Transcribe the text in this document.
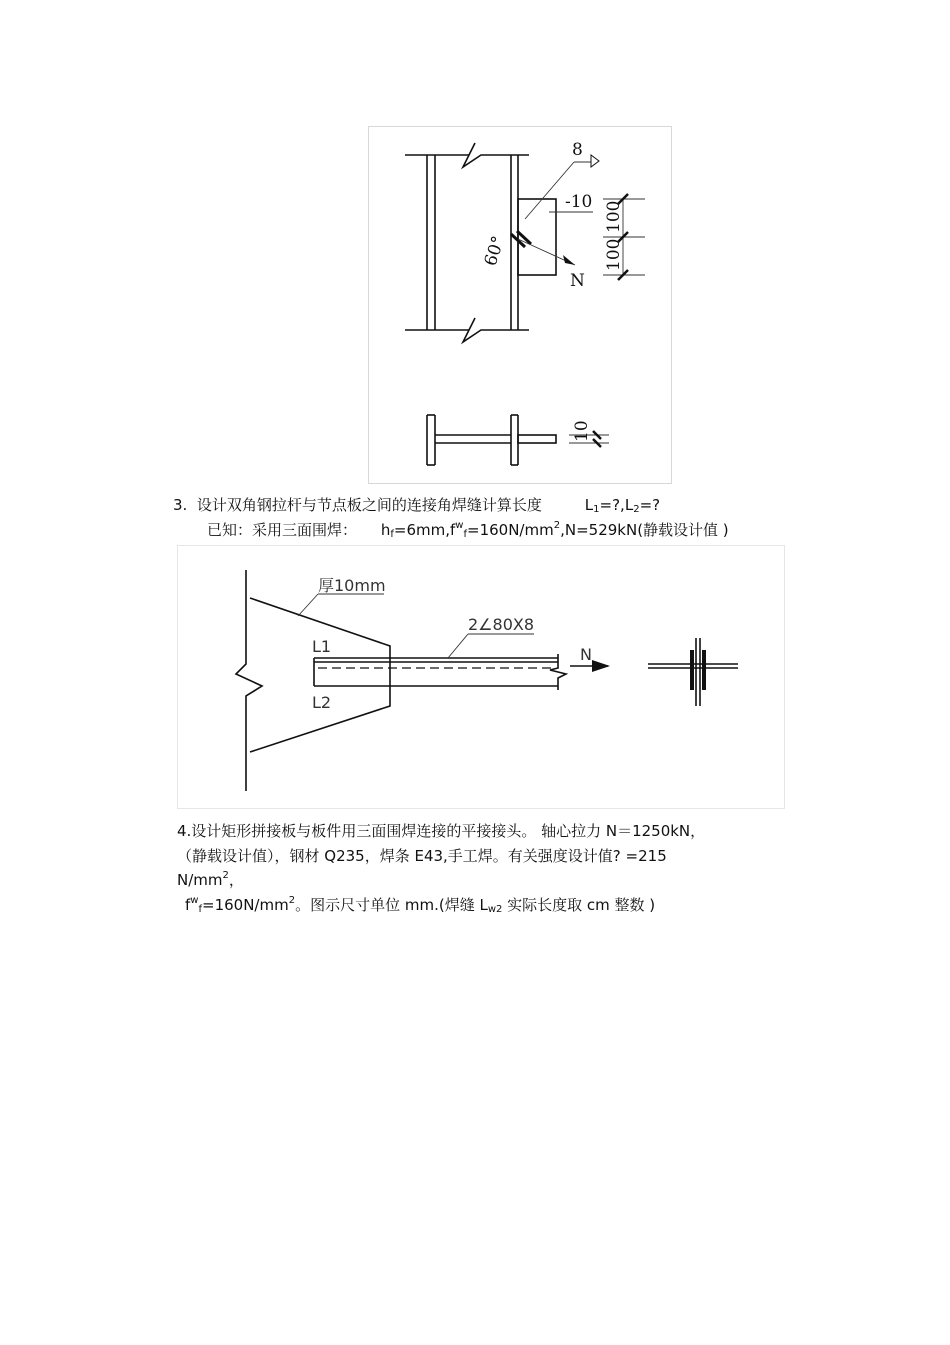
N
8
-10
60°
100
100
10
3. 设计双角钢拉杆与节点板之间的连接角焊缝计算长度	$L_1=?,L_2=$?
已知：采用三面围焊： $h_f=6mm,f^w_f=160N/mm^2,N=529kN$(静载设计值 )
N
L1
L2
厚10mm
2∠80X8
4.设计矩形拼接板与板件用三面围焊连接的平接接头。 轴心拉力 N＝1250kN，
（静载设计值），钢材 Q235，焊条 E43,手工焊。有关强度设计值? =215
$N/mm^2$，
$f^w_f=160N/mm^2$。图示尺寸单位 mm.(焊缝 $L_{w2}$ 实际长度取 cm 整数 )
